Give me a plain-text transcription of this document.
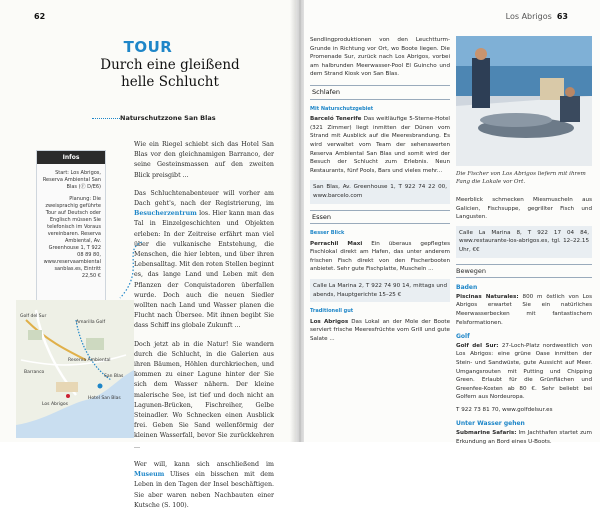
62
TOUR
Durch eine gleißend
helle Schlucht
Naturschutzzone San Blas
Infos

Start: Los Abrigos, Reserva Ambiental San Blas (Ⓕ D/E6)

Planung: Die zweisprachig geführte Tour auf Deutsch oder Englisch müssen Sie telefonisch im Voraus vereinbaren. Reserva Ambiental, Av. Greenhouse 1, T 922 08 89 80, www.reservaambiental sanblas.es, Eintritt 22,50 €

Wie ein Riegel schiebt sich das Hotel San Blas vor den gleichnamigen Barranco, der seine Gesteinsmassen auf den zweiten Blick preisgibt ...

Das Schluchtenabenteuer will vorher am Dach geht's, nach der Registrierung, im Besucherzentrum los. Hier kann man das Tal in Einzelgeschichten und Objekten erleben: In der Zeitreise erfährt man viel über die vulkanische Entstehung, die Menschen, die hier lebten, und über ihren Lebensalltag. Mit den roten Stellen beginnt es, das lange Land und Leben mit den Pflanzen der Conquistadoren überfallen wurde. Doch auch die neuen Siedler wollten nach Land und Wasser planen die Flucht nach Übersee. Mit ihnen begibt Sie dass Schiff ins globale Zukunft ...

Doch jetzt ab in die Natur! Sie wandern durch die Schlucht, in die Galerien aus ihren Bäumen, Höhlen durchkriechen, und kommen zu einer Lagune hinter der Sie sich dem Wasser nähern. Der kleine malerische See, ist tief und doch nicht an Lagunen-Brücken, Fischreiher, Gelbe Steinadler. Wo Schnecken einen Ausblick frei. Geben Sie Sand wellenförmig der kleinen Wasserfall, bevor Sie zurückkehren ...

Wer will, kann sich anschließend im Museum Ulises ein bisschen mit dem Leben in den Tagen der Insel beschäftigen. Sie aber waren neben Nachbauten einer Kutsche (S. 100).

Golf del Sur
Amarilla Golf
Reserva Ambiental
San Blas
Los Abrigos
Hotel San Blas
Barranco
Los Abrigos 63

Sendlingproduktionen von den Leuchtturm-Grunde in Richtung vor Ort, wo Boote liegen. Die Promenade Sur, zurück nach Los Abrigos, vorbei am halbrunden Meerwasser-Pool El Guincho und dem Strand Kiosk von San Blas.

Schlafen
Mit Naturschutzgebiet

Barceló Tenerife Das weitläufige 5-Sterne-Hotel (321 Zimmer) liegt inmitten der Dünen vom Strand mit Ausblick auf die Meeresbrandung. Es wird verwaltet vom Team der sehenswerten Reserva Ambiental San Blas und somit wird der Besuch der Schlucht zum Erlebnis. Neun Restaurants, fünf Pools, Bars und vieles mehr...

San Blas, Av. Greenhouse 1, T 922 74 22 00, www.barcelo.com

Essen
Besser Blick

Perrachil Maxi Ein überaus gepflegtes Fischlokal direkt am Hafen, das unter anderem frischen Fisch direkt von den Fischerbooten anbietet. Sehr gute Fischplatte, Muscheln ...

Calle La Marina 2, T 922 74 90 14, mittags und abends, Hauptgerichte 15–25 €

Traditionell gut

Los Abrigos Das Lokal an der Mole der Boote serviert frische Meeresfrüchte vom Grill und gute Salate ...

Die Fischer von Los Abrigos liefern mit ihrem Fang die Lokale vor Ort.

Meerblick schmecken Miesmuscheln aus Galicien, Fischsuppe, gegrillter Fisch und Langusten.

Calle La Marina 8, T 922 17 04 84, www.restaurante-los-abrigos.es, tgl. 12–22.15 Uhr, €€

Bewegen
Baden

Piscinas Naturales: 800 m östlich von Los Abrigos erwartet Sie ein natürliches Meerwasserbecken mit fantastischem Felsformationen.

Golf

Golf del Sur: 27-Loch-Platz nordwestlich von Los Abrigos: eine grüne Oase inmitten der Stein- und Sandwüste, gute Aussicht auf Meer. Umgangsrouten mit Putting und Chipping Green. Erlaubt für die Grünflächen und Greenfee-Kosten ab 80 €. Sehr beliebt bei Golfern aus Nordeuropa.

T 922 73 81 70, www.golfdelsur.es

Unter Wasser gehen

Submarine Safaris: Im Jachthafen startet zum Erkundung an Bord eines U-Boots.
